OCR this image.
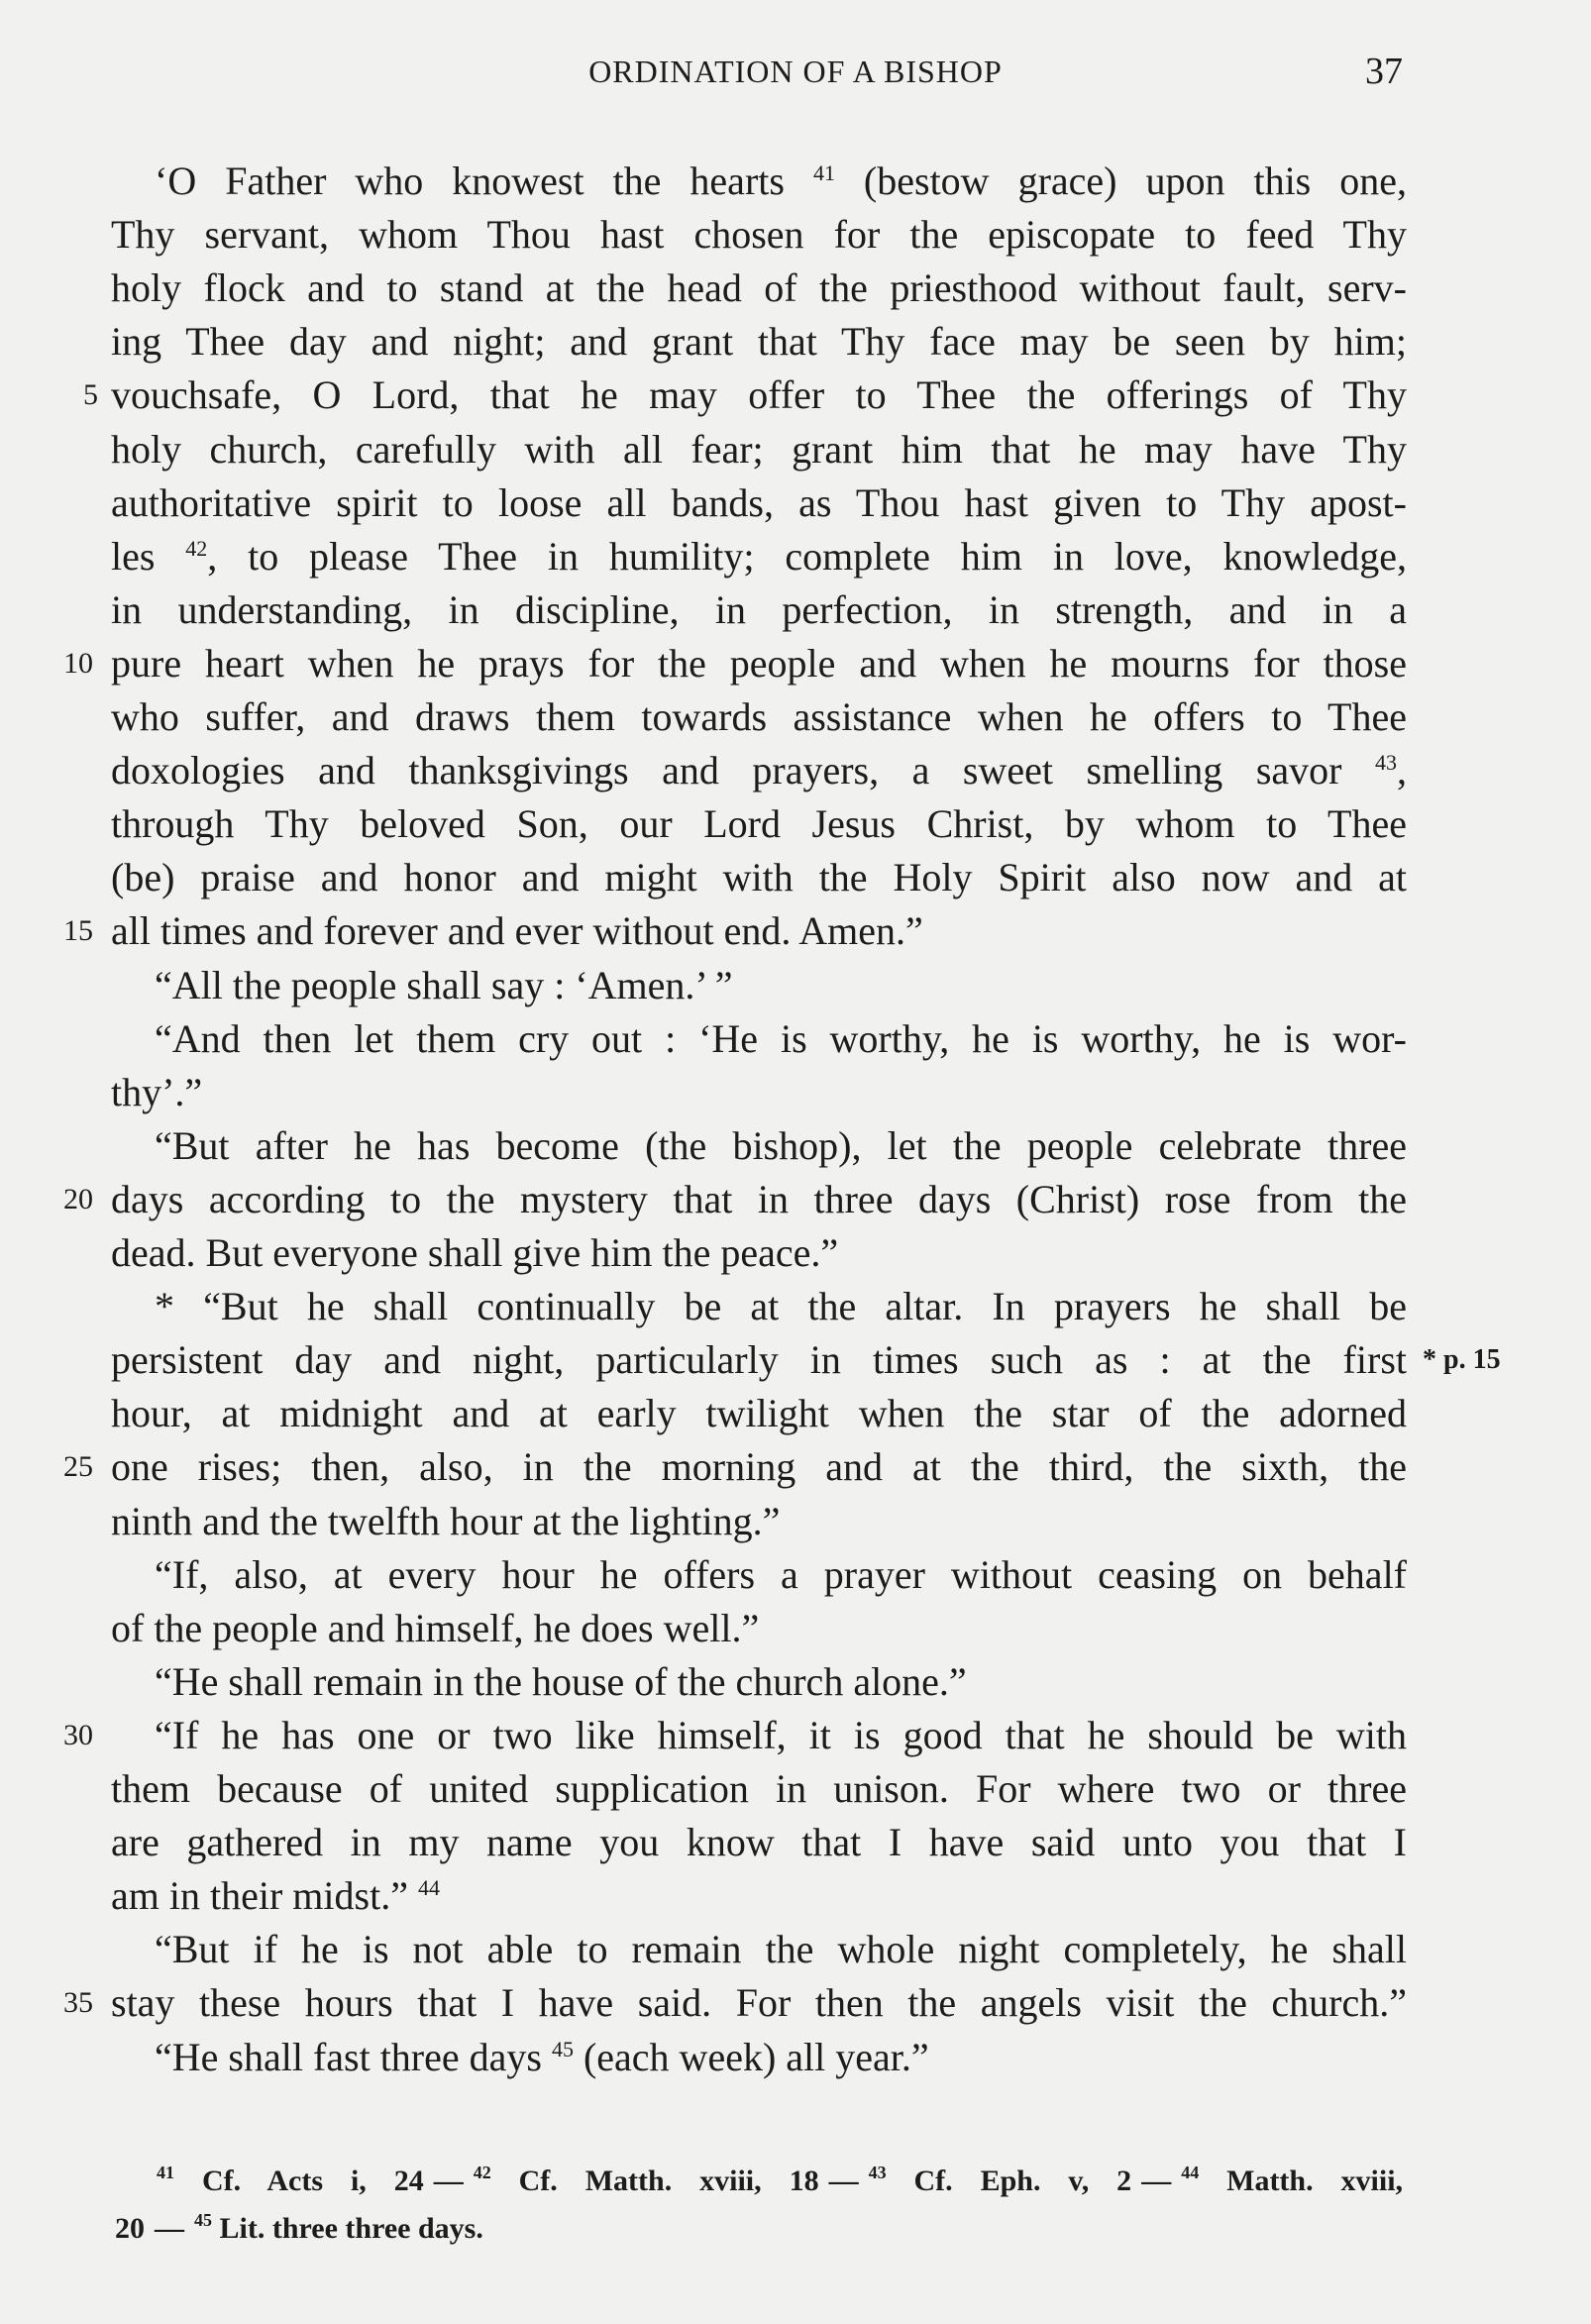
ORDINATION OF A BISHOP	37
‘O Father who knowest the hearts $^{41}$ (bestow grace) upon this one,
Thy servant, whom Thou hast chosen for the episcopate to feed Thy
holy flock and to stand at the head of the priesthood without fault, serv-
ing Thee day and night; and grant that Thy face may be seen by him;
vouchsafe, O Lord, that he may offer to Thee the offerings of Thy
holy church, carefully with all fear; grant him that he may have Thy
authoritative spirit to loose all bands, as Thou hast given to Thy apost-
les $^{42}$, to please Thee in humility; complete him in love, knowledge,
in understanding, in discipline, in perfection, in strength, and in a
pure heart when he prays for the people and when he mourns for those
who suffer, and draws them towards assistance when he offers to Thee
doxologies and thanksgivings and prayers, a sweet smelling savor $^{43}$,
through Thy beloved Son, our Lord Jesus Christ, by whom to Thee
(be) praise and honor and might with the Holy Spirit also now and at
all times and forever and ever without end. Amen.”
“All the people shall say : ‘Amen.’ ”
“And then let them cry out : ‘He is worthy, he is worthy, he is wor-
thy’.”
“But after he has become (the bishop), let the people celebrate three
days according to the mystery that in three days (Christ) rose from the
dead. But everyone shall give him the peace.”
* “But he shall continually be at the altar. In prayers he shall be
persistent day and night, particularly in times such as : at the first
hour, at midnight and at early twilight when the star of the adorned
one rises; then, also, in the morning and at the third, the sixth, the
ninth and the twelfth hour at the lighting.”
“If, also, at every hour he offers a prayer without ceasing on behalf
of the people and himself, he does well.”
“He shall remain in the house of the church alone.”
“If he has one or two like himself, it is good that he should be with
them because of united supplication in unison. For where two or three
are gathered in my name you know that I have said unto you that I
am in their midst.” $^{44}$
“But if he is not able to remain the whole night completely, he shall
stay these hours that I have said. For then the angels visit the church.”
“He shall fast three days $^{45}$ (each week) all year.”
5
10
15
20
25
30
35
* p. 15
$^{41}$ Cf. Acts i, 24 — $^{42}$ Cf. Matth. xviii, 18 — $^{43}$ Cf. Eph. v, 2 — $^{44}$ Matth. xviii,
20 — $^{45}$ Lit. three three days.
